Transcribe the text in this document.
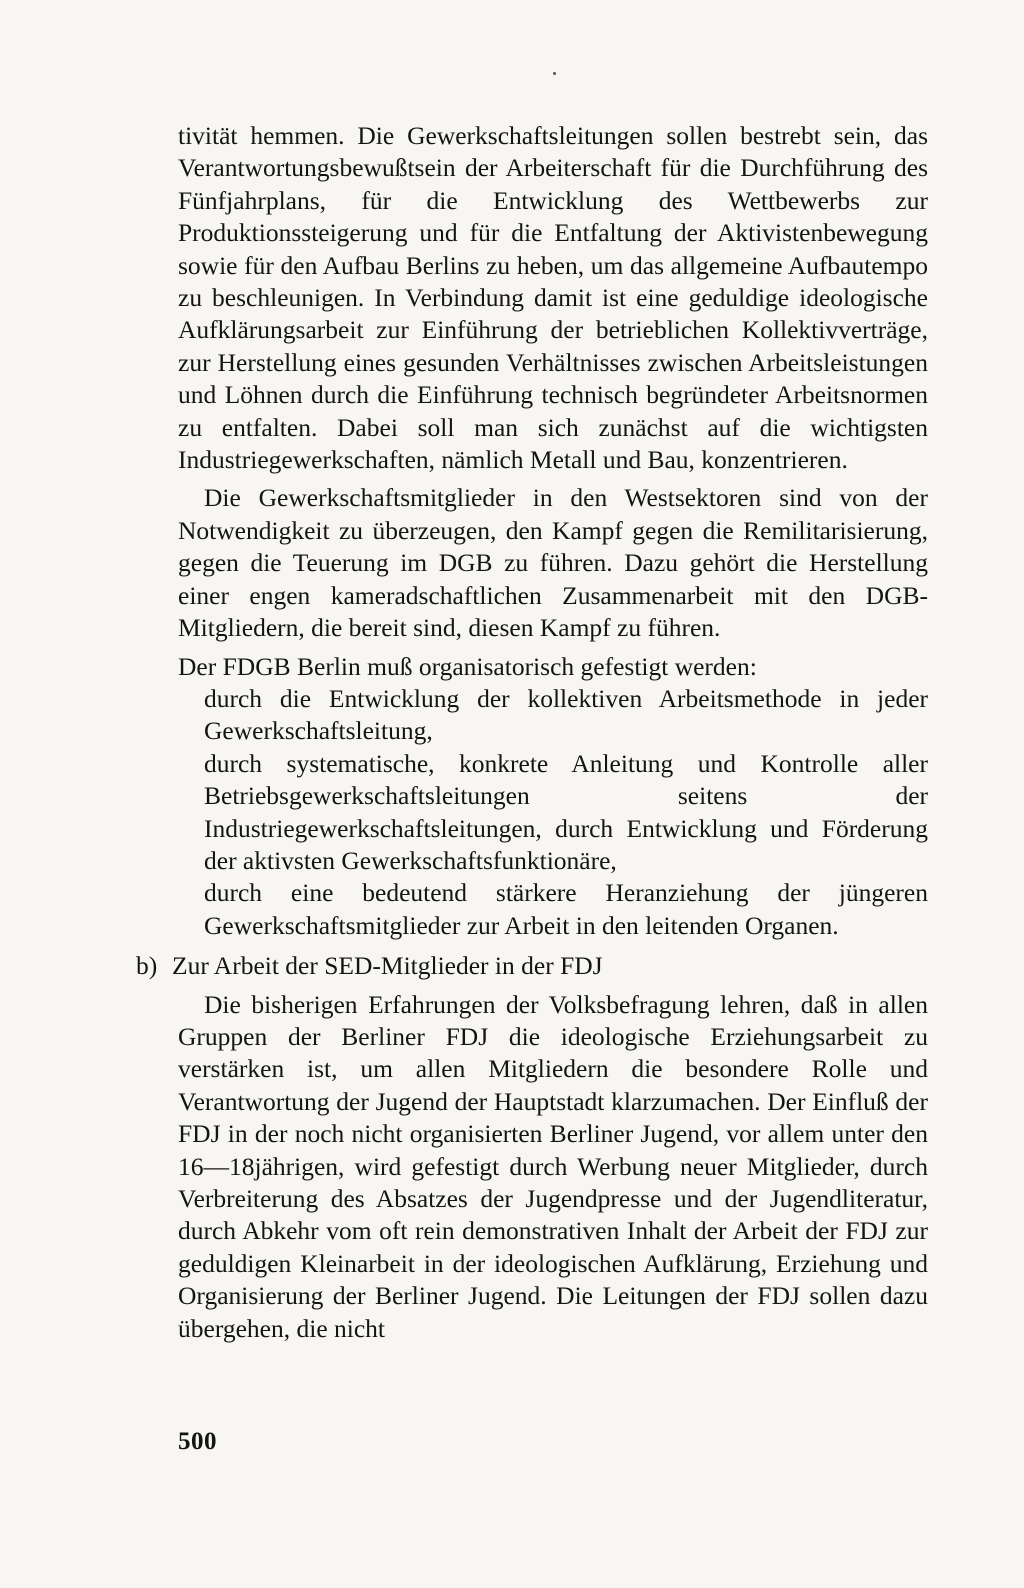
tivität hemmen. Die Gewerkschaftsleitungen sollen bestrebt sein, das Verantwortungsbewußtsein der Arbeiterschaft für die Durchführung des Fünfjahrplans, für die Entwicklung des Wettbewerbs zur Produktionssteigerung und für die Entfaltung der Aktivistenbewegung sowie für den Aufbau Berlins zu heben, um das allgemeine Aufbautempo zu beschleunigen. In Verbindung damit ist eine geduldige ideologische Aufklärungsarbeit zur Einführung der betrieblichen Kollektivverträge, zur Herstellung eines gesunden Verhältnisses zwischen Arbeitsleistungen und Löhnen durch die Einführung technisch begründeter Arbeitsnormen zu entfalten. Dabei soll man sich zunächst auf die wichtigsten Industriegewerkschaften, nämlich Metall und Bau, konzentrieren.

Die Gewerkschaftsmitglieder in den Westsektoren sind von der Notwendigkeit zu überzeugen, den Kampf gegen die Remilitarisierung, gegen die Teuerung im DGB zu führen. Dazu gehört die Herstellung einer engen kameradschaftlichen Zusammenarbeit mit den DGB-Mitgliedern, die bereit sind, diesen Kampf zu führen.

Der FDGB Berlin muß organisatorisch gefestigt werden:

durch die Entwicklung der kollektiven Arbeitsmethode in jeder Gewerkschaftsleitung,

durch systematische, konkrete Anleitung und Kontrolle aller Betriebsgewerkschaftsleitungen seitens der Industriegewerkschaftsleitungen, durch Entwicklung und Förderung der aktivsten Gewerkschaftsfunktionäre,

durch eine bedeutend stärkere Heranziehung der jüngeren Gewerkschaftsmitglieder zur Arbeit in den leitenden Organen.

b) Zur Arbeit der SED-Mitglieder in der FDJ

Die bisherigen Erfahrungen der Volksbefragung lehren, daß in allen Gruppen der Berliner FDJ die ideologische Erziehungsarbeit zu verstärken ist, um allen Mitgliedern die besondere Rolle und Verantwortung der Jugend der Hauptstadt klarzumachen. Der Einfluß der FDJ in der noch nicht organisierten Berliner Jugend, vor allem unter den 16—18jährigen, wird gefestigt durch Werbung neuer Mitglieder, durch Verbreiterung des Absatzes der Jugendpresse und der Jugendliteratur, durch Abkehr vom oft rein demonstrativen Inhalt der Arbeit der FDJ zur geduldigen Kleinarbeit in der ideologischen Aufklärung, Erziehung und Organisierung der Berliner Jugend. Die Leitungen der FDJ sollen dazu übergehen, die nicht

500
